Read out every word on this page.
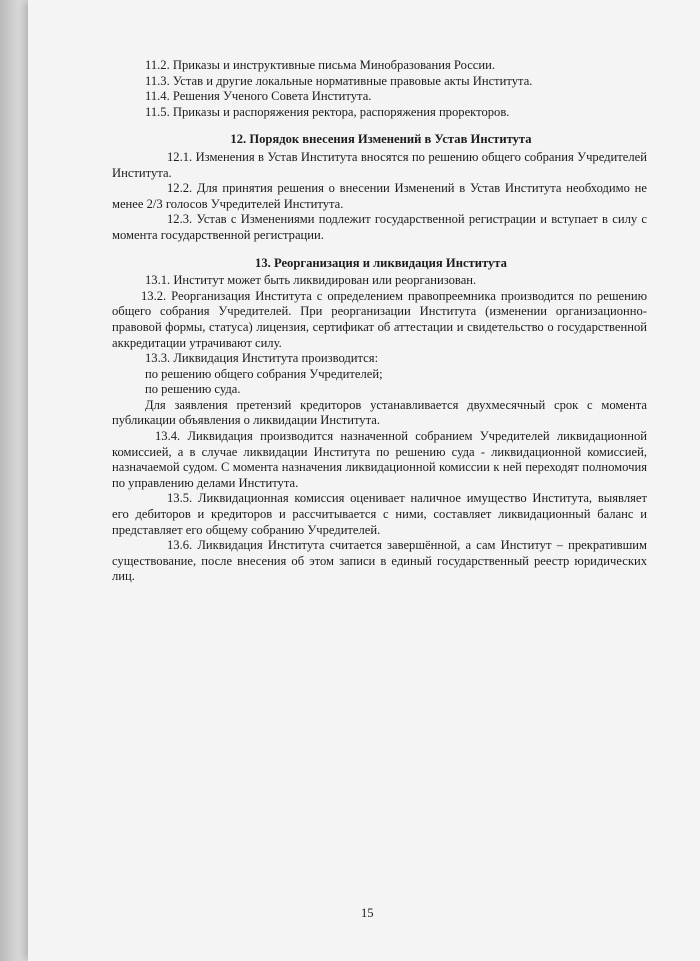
11.2. Приказы и инструктивные письма Минобразования России.

11.3. Устав и другие локальные нормативные правовые акты Института.

11.4. Решения Ученого Совета Института.

11.5. Приказы и распоряжения ректора, распоряжения проректоров.

12. Порядок внесения Изменений в Устав Института

12.1. Изменения в Устав Института вносятся по решению общего собрания Учредителей Института.

12.2. Для принятия решения о внесении Изменений в Устав Института необходимо не менее 2/3 голосов Учредителей Института.

12.3. Устав с Изменениями подлежит государственной регистрации и вступает в силу с момента государственной регистрации.

13. Реорганизация и ликвидация Института

13.1. Институт может быть ликвидирован или реорганизован.

13.2. Реорганизация Института с определением правопреемника производится по решению общего собрания Учредителей. При реорганизации Института (изменении организационно-правовой формы, статуса) лицензия, сертификат об аттестации и свидетельство о государственной аккредитации утрачивают силу.

13.3. Ликвидация Института производится:

по решению общего собрания Учредителей;

по решению суда.

Для заявления претензий кредиторов устанавливается двухмесячный срок с момента публикации объявления о ликвидации Института.

13.4. Ликвидация производится назначенной собранием Учредителей ликвидационной комиссией, а в случае ликвидации Института по решению суда - ликвидационной комиссией, назначаемой судом. С момента назначения ликвидационной комиссии к ней переходят полномочия по управлению делами Института.

13.5. Ликвидационная комиссия оценивает наличное имущество Института, выявляет его дебиторов и кредиторов и рассчитывается с ними, составляет ликвидационный баланс и представляет его общему собранию Учредителей.

13.6. Ликвидация Института считается завершённой, а сам Институт – прекратившим существование, после внесения об этом записи в единый государственный реестр юридических лиц.

15
